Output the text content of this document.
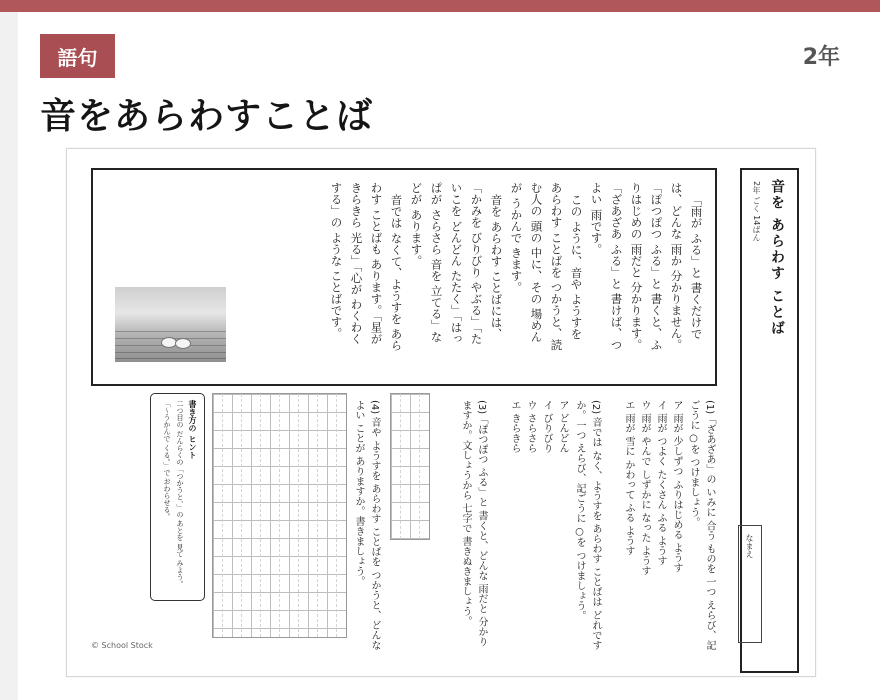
語句	2年
音をあらわすことば
「雨が ふる」と 書くだけで
は、どんな 雨か 分かりません。
「ぽつぽつ ふる」と 書くと、ふ
りはじめの 雨だと 分かります。
「ざあざあ ふる」と 書けば、つ
よい 雨です。
この ように、音や ようすを
あらわす ことばを つかうと、読
む人の 頭の 中に、その 場めん
が うかんで きます。
音を あらわす ことばには、
「かみを びりびり やぶる」「た
いこを どんどん たたく」「はっ
ぱが さらさら 音を 立てる」な
どが あります。
音では なくて、ようすを あら
わす ことばも あります。「星が
きらきら 光る」「心が わくわく
する」の ような ことばです。	音を あらわす ことば
2年 ごく 14ばん
なまえ
(1)「ざあざあ」の いみに 合う ものを 一つ えらび、記
ごうに ○を つけましょう。
ア 雨が 少しずつ ふりはじめる ようす
イ 雨が つよく たくさん ふる ようす
ウ 雨が やんで しずかに なった ようす
エ 雨が 雪に かわって ふる ようす
(2) 音では なく、ようすを あらわす ことばは どれです
か。一つ えらび、記ごうに ○を つけましょう。
ア どんどん
イ びりびり
ウ さらさら
エ きらきら
(3)「ぽつぽつ ふる」と 書くと、どんな 雨だと 分かり
ますか。文しょうから 七字で 書きぬきましょう。
(4) 音や ようすを あらわす ことばを つかうと、どんな
よい ことが ありますか。書きましょう。
書き方の ヒント
二つ目の だんらくの「つかうと、」の あとを 見て みよう。
「〜うかんで くる。」で おわらせる。
© School Stock
